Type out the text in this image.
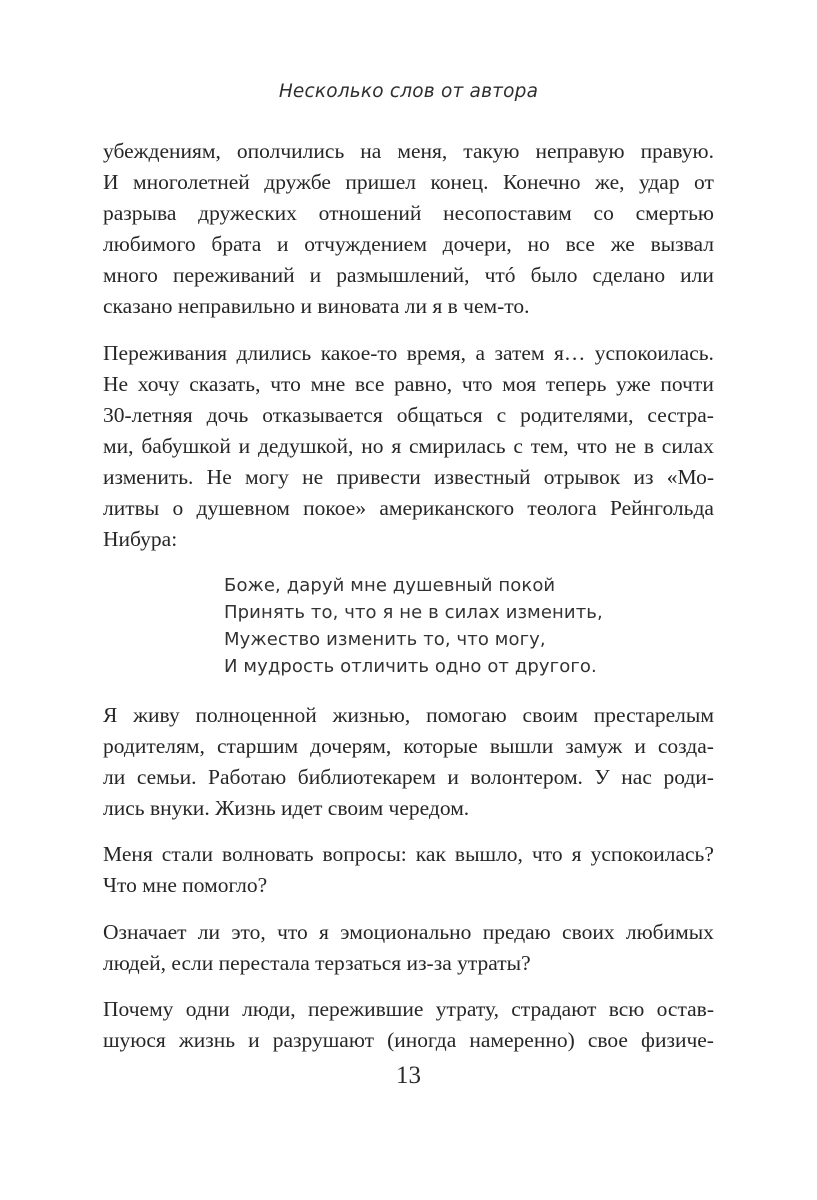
Несколько слов от автора
убеждениям, ополчились на меня, такую неправую правую.
И многолетней дружбе пришел конец. Конечно же, удар от
разрыва дружеских отношений несопоставим со смертью
любимого брата и отчуждением дочери, но все же вызвал
много переживаний и размышлений, чтó было сделано или
сказано неправильно и виновата ли я в чем-то.
Переживания длились какое-то время, а затем я… успокоилась.
Не хочу сказать, что мне все равно, что моя теперь уже почти
30-летняя дочь отказывается общаться с родителями, сестра-
ми, бабушкой и дедушкой, но я смирилась с тем, что не в силах
изменить. Не могу не привести известный отрывок из «Мо-
литвы о душевном покое» американского теолога Рейнгольда
Нибура:
Боже, даруй мне душевный покой
Принять то, что я не в силах изменить,
Мужество изменить то, что могу,
И мудрость отличить одно от другого.
Я живу полноценной жизнью, помогаю своим престарелым
родителям, старшим дочерям, которые вышли замуж и созда-
ли семьи. Работаю библиотекарем и волонтером. У нас роди-
лись внуки. Жизнь идет своим чередом.
Меня стали волновать вопросы: как вышло, что я успокоилась?
Что мне помогло?
Означает ли это, что я эмоционально предаю своих любимых
людей, если перестала терзаться из-за утраты?
Почему одни люди, пережившие утрату, страдают всю остав-
шуюся жизнь и разрушают (иногда намеренно) свое физиче-
13
